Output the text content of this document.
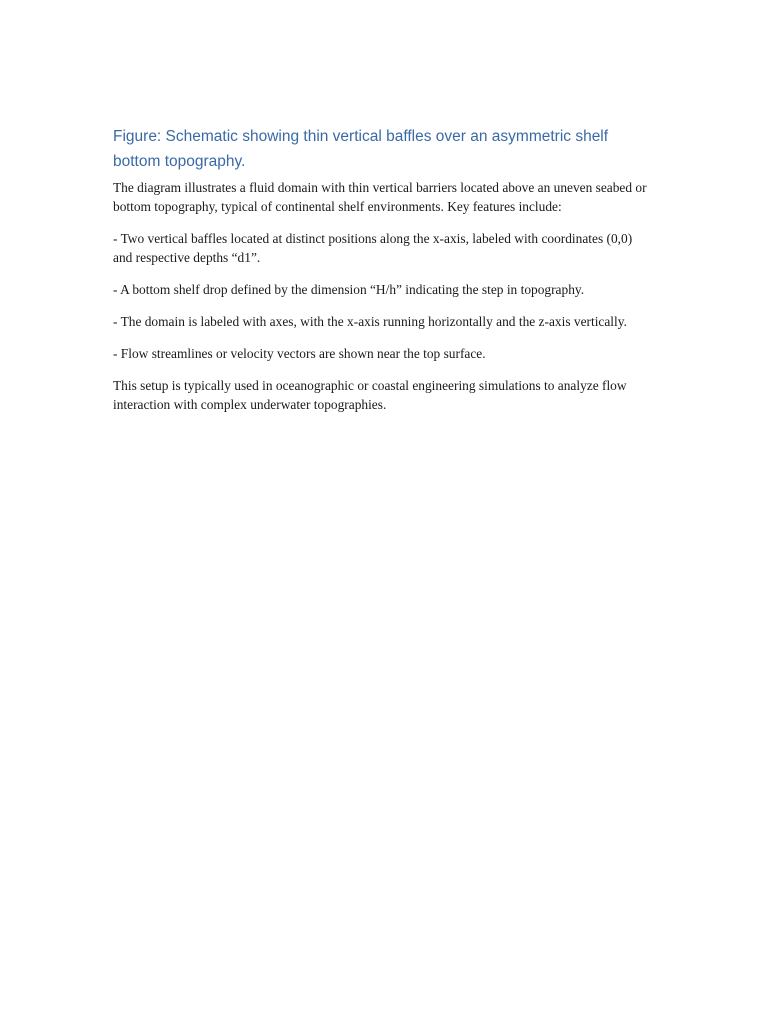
Figure: Schematic showing thin vertical baffles over an asymmetric shelf bottom topography.

The diagram illustrates a fluid domain with thin vertical barriers located above an uneven seabed or bottom topography, typical of continental shelf environments. Key features include:

- Two vertical baffles located at distinct positions along the x-axis, labeled with coordinates (0,0) and respective depths “d1”.

- A bottom shelf drop defined by the dimension “H/h” indicating the step in topography.

- The domain is labeled with axes, with the x-axis running horizontally and the z-axis vertically.

- Flow streamlines or velocity vectors are shown near the top surface.

This setup is typically used in oceanographic or coastal engineering simulations to analyze flow interaction with complex underwater topographies.
